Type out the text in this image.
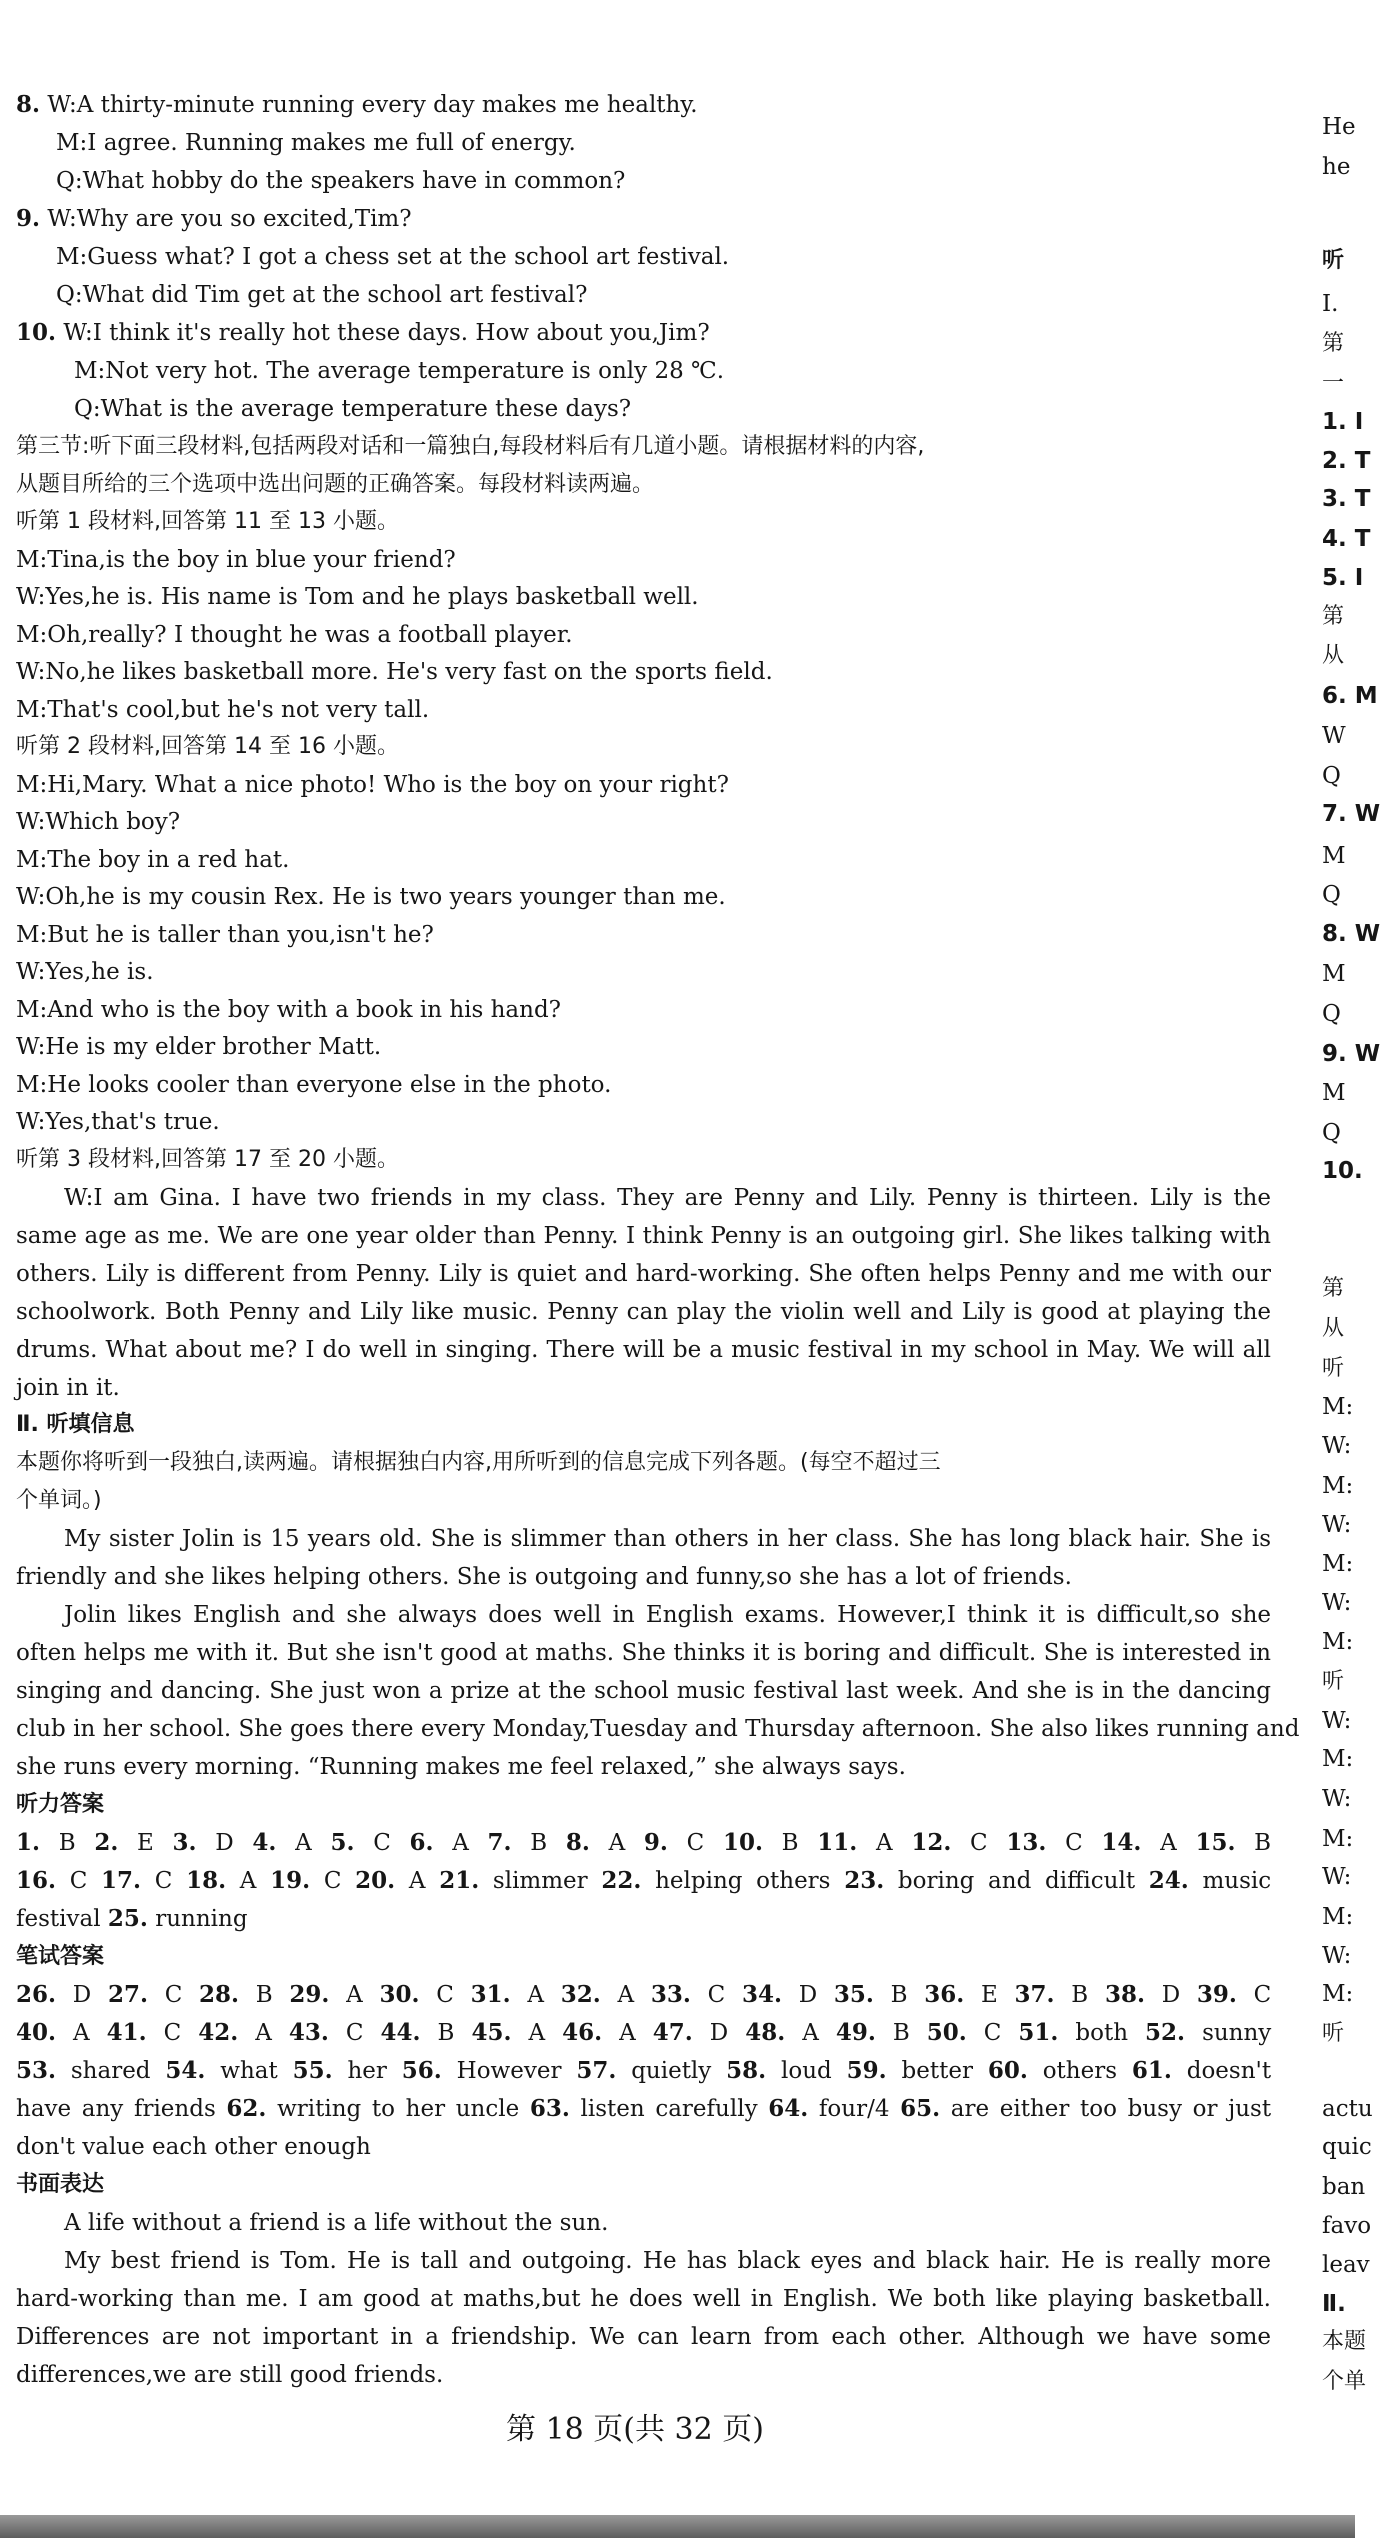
8. W:A thirty-minute running every day makes me healthy.
M:I agree. Running makes me full of energy.
Q:What hobby do the speakers have in common?
9. W:Why are you so excited,Tim?
M:Guess what? I got a chess set at the school art festival.
Q:What did Tim get at the school art festival?
10. W:I think it's really hot these days. How about you,Jim?
M:Not very hot. The average temperature is only 28 ℃.
Q:What is the average temperature these days?
第三节:听下面三段材料,包括两段对话和一篇独白,每段材料后有几道小题。请根据材料的内容,
从题目所给的三个选项中选出问题的正确答案。每段材料读两遍。
听第 1 段材料,回答第 11 至 13 小题。
M:Tina,is the boy in blue your friend?
W:Yes,he is. His name is Tom and he plays basketball well.
M:Oh,really? I thought he was a football player.
W:No,he likes basketball more. He's very fast on the sports field.
M:That's cool,but he's not very tall.
听第 2 段材料,回答第 14 至 16 小题。
M:Hi,Mary. What a nice photo! Who is the boy on your right?
W:Which boy?
M:The boy in a red hat.
W:Oh,he is my cousin Rex. He is two years younger than me.
M:But he is taller than you,isn't he?
W:Yes,he is.
M:And who is the boy with a book in his hand?
W:He is my elder brother Matt.
M:He looks cooler than everyone else in the photo.
W:Yes,that's true.
听第 3 段材料,回答第 17 至 20 小题。
W:I am Gina. I have two friends in my class. They are Penny and Lily. Penny is thirteen. Lily is the
same age as me. We are one year older than Penny. I think Penny is an outgoing girl. She likes talking with
others. Lily is different from Penny. Lily is quiet and hard-working. She often helps Penny and me with our
schoolwork. Both Penny and Lily like music. Penny can play the violin well and Lily is good at playing the
drums. What about me? I do well in singing. There will be a music festival in my school in May. We will all
join in it.
Ⅱ. 听填信息
本题你将听到一段独白,读两遍。请根据独白内容,用所听到的信息完成下列各题。(每空不超过三
个单词。)
My sister Jolin is 15 years old. She is slimmer than others in her class. She has long black hair. She is
friendly and she likes helping others. She is outgoing and funny,so she has a lot of friends.
Jolin likes English and she always does well in English exams. However,I think it is difficult,so she
often helps me with it. But she isn't good at maths. She thinks it is boring and difficult. She is interested in
singing and dancing. She just won a prize at the school music festival last week. And she is in the dancing
club in her school. She goes there every Monday,Tuesday and Thursday afternoon. She also likes running and
she runs every morning. “Running makes me feel relaxed,” she always says.
听力答案
1. B 2. E 3. D 4. A 5. C 6. A 7. B 8. A 9. C 10. B 11. A 12. C 13. C 14. A 15. B
16. C 17. C 18. A 19. C 20. A 21. slimmer 22. helping others 23. boring and difficult 24. music
festival 25. running
笔试答案
26. D 27. C 28. B 29. A 30. C 31. A 32. A 33. C 34. D 35. B 36. E 37. B 38. D 39. C
40. A 41. C 42. A 43. C 44. B 45. A 46. A 47. D 48. A 49. B 50. C 51. both 52. sunny
53. shared 54. what 55. her 56. However 57. quietly 58. loud 59. better 60. others 61. doesn't
have any friends 62. writing to her uncle 63. listen carefully 64. four/4 65. are either too busy or just
don't value each other enough
书面表达
A life without a friend is a life without the sun.
My best friend is Tom. He is tall and outgoing. He has black eyes and black hair. He is really more
hard-working than me. I am good at maths,but he does well in English. We both like playing basketball.
Differences are not important in a friendship. We can learn from each other. Although we have some
differences,we are still good friends.
第 18 页(共 32 页)
He
he
听
Ⅰ.
第
一
1. I
2. T
3. T
4. T
5. I
第
从
6. M
W
Q
7. W
M
Q
8. W
M
Q
9. W
M
Q
10.
第
从
听
M:
W:
M:
W:
M:
W:
M:
听
W:
M:
W:
M:
W:
M:
W:
M:
听
actu
quic
ban
favo
leav
Ⅱ.
本题
个单
